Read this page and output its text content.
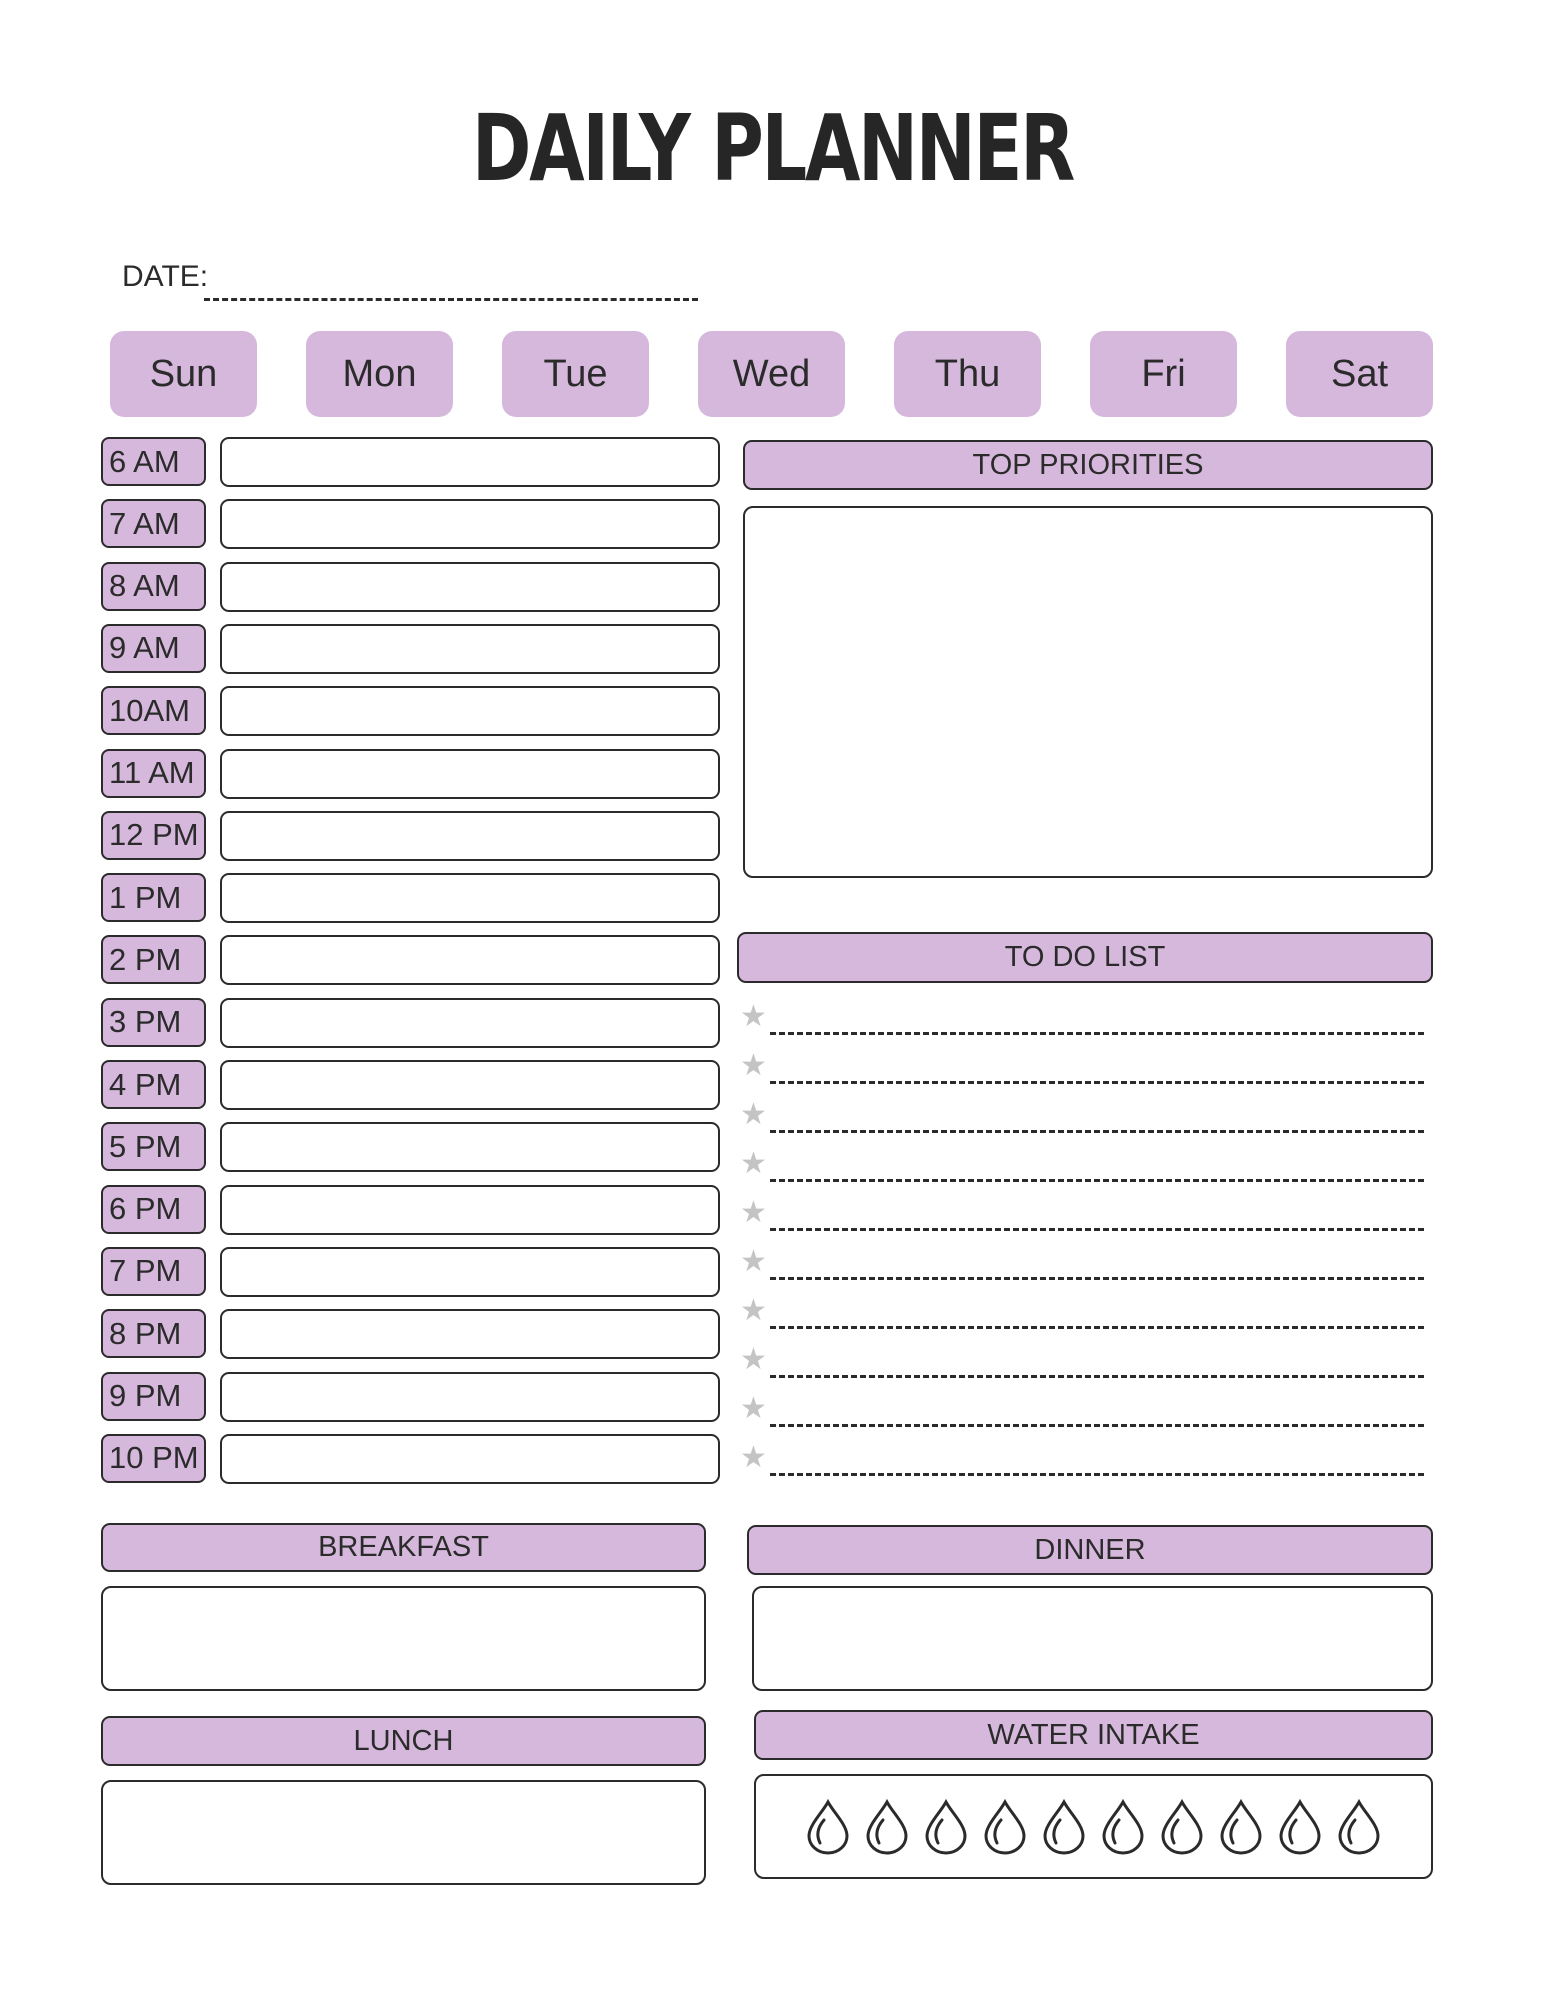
DAILY PLANNER
DATE:
Sun	Mon	Tue	Wed	Thu	Fri	Sat
6 AM
7 AM
8 AM
9 AM
10AM
11 AM
12 PM
1 PM
2 PM
3 PM
4 PM
5 PM
6 PM
7 PM
8 PM
9 PM
10 PM
TOP PRIORITIES
TO DO LIST
★
★
★
★
★
★
★
★
★
★
BREAKFAST	DINNER
LUNCH	WATER INTAKE
